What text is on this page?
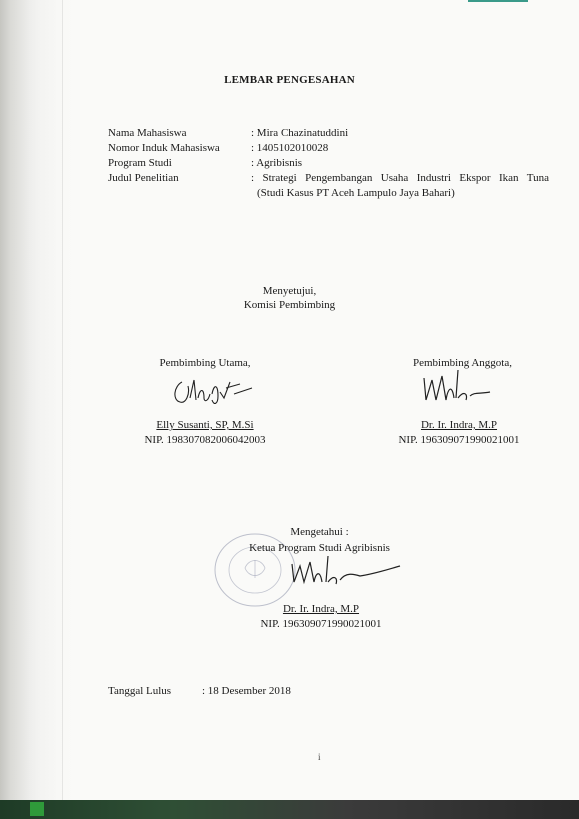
LEMBAR PENGESAHAN
Nama Mahasiswa	: Mira Chazinatuddini
Nomor Induk Mahasiswa	: 1405102010028
Program Studi	: Agribisnis
Judul Penelitian	: Strategi Pengembangan Usaha Industri Ekspor Ikan Tuna
(Studi Kasus PT Aceh Lampulo Jaya Bahari)
Menyetujui,
Komisi Pembimbing
Pembimbing Utama,
Elly Susanti, SP, M.Si
NIP. 198307082006042003
Pembimbing Anggota,
Dr. Ir. Indra, M.P
NIP. 196309071990021001
Mengetahui :
Ketua Program Studi Agribisnis
Dr. Ir. Indra, M.P
NIP. 196309071990021001
Tanggal Lulus	: 18 Desember 2018
i
